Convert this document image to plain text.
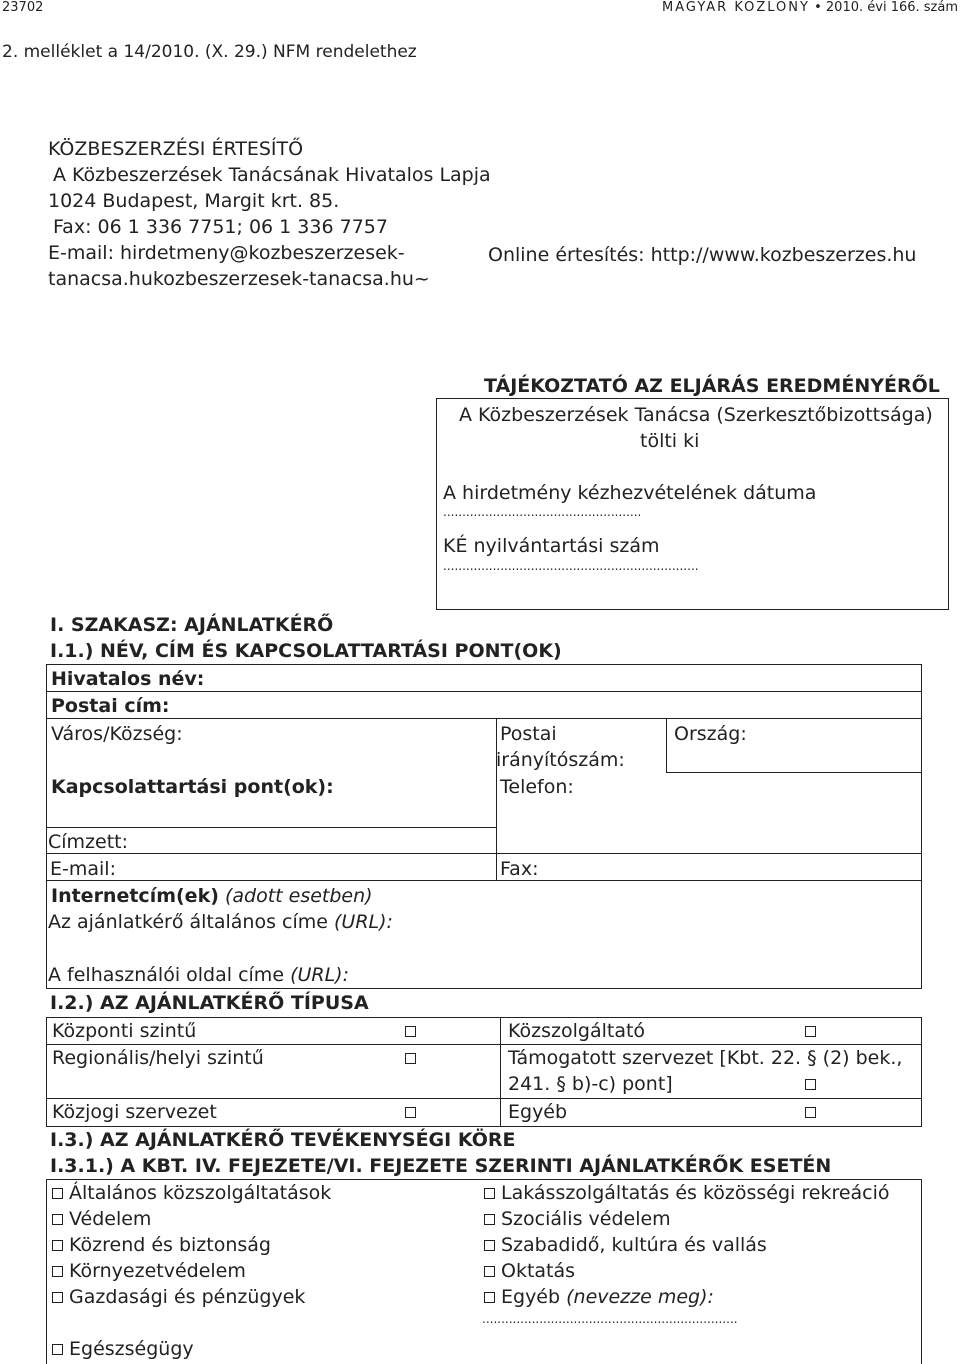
23702	MAGYAR KÖZLÖNY • 2010. évi 166. szám
2. melléklet a 14/2010. (X. 29.) NFM rendelethez
KÖZBESZERZÉSI ÉRTESÍTŐ
A Közbeszerzések Tanácsának Hivatalos Lapja
1024 Budapest, Margit krt. 85.
Fax: 06 1 336 7751; 06 1 336 7757
E-mail: hirdetmeny@kozbeszerzesek-
tanacsa.hukozbeszerzesek-tanacsa.hu~
Online értesítés: http://www.kozbeszerzes.hu
TÁJÉKOZTATÓ AZ ELJÁRÁS EREDMÉNYÉRŐL
A Közbeszerzések Tanácsa (Szerkesztőbizottsága)
tölti ki
A hirdetmény kézhezvételének dátuma
....................................................
KÉ nyilvántartási szám
...................................................................
I. SZAKASZ: AJÁNLATKÉRŐ
I.1.) NÉV, CÍM ÉS KAPCSOLATTARTÁSI PONT(OK)
Hivatalos név:
Postai cím:
Város/Község:	Postai
irányítószám:
Ország:
Kapcsolattartási pont(ok):	Telefon:
Címzett:
E-mail:	Fax:
Internetcím(ek) (adott esetben)
Az ajánlatkérő általános címe (URL):
A felhasználói oldal címe (URL):
I.2.) AZ AJÁNLATKÉRŐ TÍPUSA
Központi szintű	Közszolgáltató
Regionális/helyi szintű	Támogatott szervezet [Kbt. 22. § (2) bek.,
241. § b)-c) pont]
Közjogi szervezet	Egyéb
I.3.) AZ AJÁNLATKÉRŐ TEVÉKENYSÉGI KÖRE
I.3.1.) A KBT. IV. FEJEZETE/VI. FEJEZETE SZERINTI AJÁNLATKÉRŐK ESETÉN
Általános közszolgáltatások
Védelem
Közrend és biztonság
Környezetvédelem
Gazdasági és pénzügyek
Egészségügy
Lakásszolgáltatás és közösségi rekreáció
Szociális védelem
Szabadidő, kultúra és vallás
Oktatás
Egyéb (nevezze meg):
...................................................................
